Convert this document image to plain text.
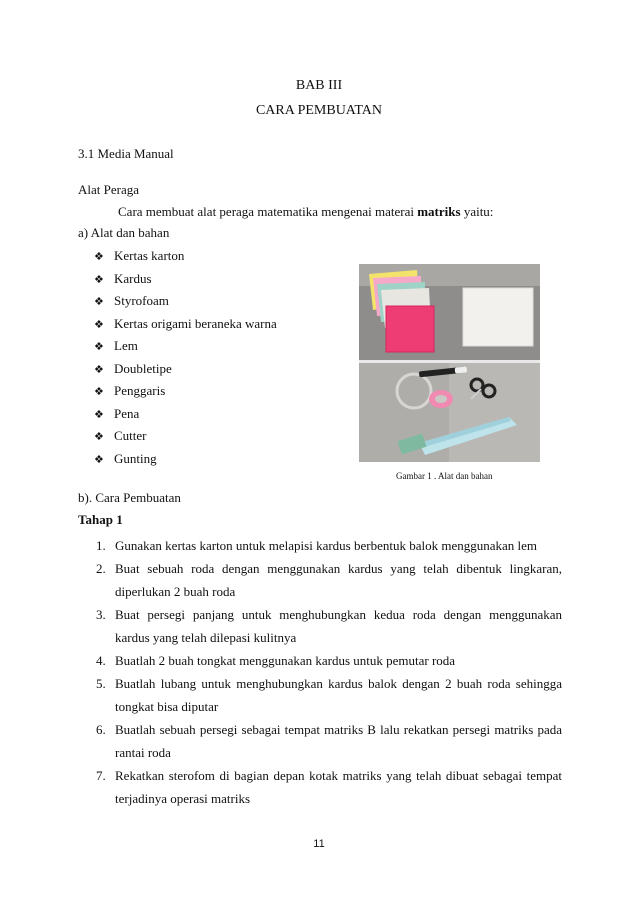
BAB III
CARA PEMBUATAN
3.1 Media Manual
Alat Peraga
Cara membuat alat peraga matematika mengenai materai matriks yaitu:
a) Alat dan bahan
❖
Kertas karton
❖
Kardus
❖
Styrofoam
❖
Kertas origami beraneka warna
❖
Lem
❖
Doubletipe
❖
Penggaris
❖
Pena
❖
Cutter
❖
Gunting
Gambar 1 . Alat dan bahan
b). Cara Pembuatan
Tahap 1
1. Gunakan kertas karton untuk melapisi kardus berbentuk balok menggunakan lem
2. Buat sebuah roda dengan menggunakan kardus yang telah dibentuk lingkaran, diperlukan 2 buah roda
3. Buat persegi panjang untuk menghubungkan kedua roda dengan menggunakan kardus yang telah dilepasi kulitnya
4. Buatlah 2 buah tongkat menggunakan kardus untuk pemutar roda
5. Buatlah lubang untuk menghubungkan kardus balok dengan 2 buah roda sehingga tongkat bisa diputar
6. Buatlah sebuah persegi sebagai tempat matriks B lalu rekatkan persegi matriks pada rantai roda
7. Rekatkan sterofom di bagian depan kotak matriks yang telah dibuat sebagai tempat terjadinya operasi matriks
11
